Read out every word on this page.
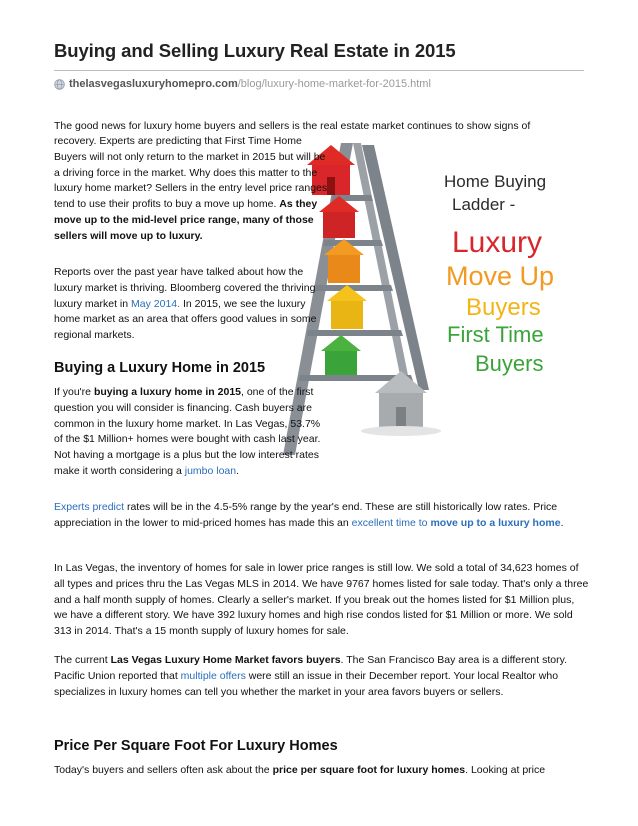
Buying and Selling Luxury Real Estate in 2015
thelasvegasluxuryhomepro.com /blog/luxury-home-market-for-2015.html
Home Buying
Ladder -
Luxury
Move Up
Buyers
First Time
Buyers

The good news for luxury home buyers and sellers is the real estate market continues to show signs of

recovery. Experts are predicting that First Time Home Buyers will not only return to the market in 2015 but will be a driving force in the market. Why does this matter to the luxury home market? Sellers in the entry level price ranges tend to use their profits to buy a move up home. As they move up to the mid-level price range, many of those sellers will move up to luxury.

Reports over the past year have talked about how the luxury market is thriving. Bloomberg covered the thriving luxury market in May 2014. In 2015, we see the luxury home market as an area that offers good values in some regional markets.

Buying a Luxury Home in 2015

If you're buying a luxury home in 2015, one of the first question you will consider is financing. Cash buyers are common in the luxury home market. In Las Vegas, 53.7% of the $1 Million+ homes were bought with cash last year. Not having a mortgage is a plus but the low interest rates make it worth considering a jumbo loan.

Experts predict rates will be in the 4.5-5% range by the year's end. These are still historically low rates. Price appreciation in the lower to mid-priced homes has made this an excellent time to move up to a luxury home.

In Las Vegas, the inventory of homes for sale in lower price ranges is still low. We sold a total of 34,623 homes of all types and prices thru the Las Vegas MLS in 2014. We have 9767 homes listed for sale today. That's only a three and a half month supply of homes. Clearly a seller's market. If you break out the homes listed for $1 Million plus, we have a different story. We have 392 luxury homes and high rise condos listed for $1 Million or more. We sold 313 in 2014. That's a 15 month supply of luxury homes for sale.

The current Las Vegas Luxury Home Market favors buyers. The San Francisco Bay area is a different story. Pacific Union reported that multiple offers were still an issue in their December report. Your local Realtor who specializes in luxury homes can tell you whether the market in your area favors buyers or sellers.

Price Per Square Foot For Luxury Homes

Today's buyers and sellers often ask about the price per square foot for luxury homes. Looking at price
